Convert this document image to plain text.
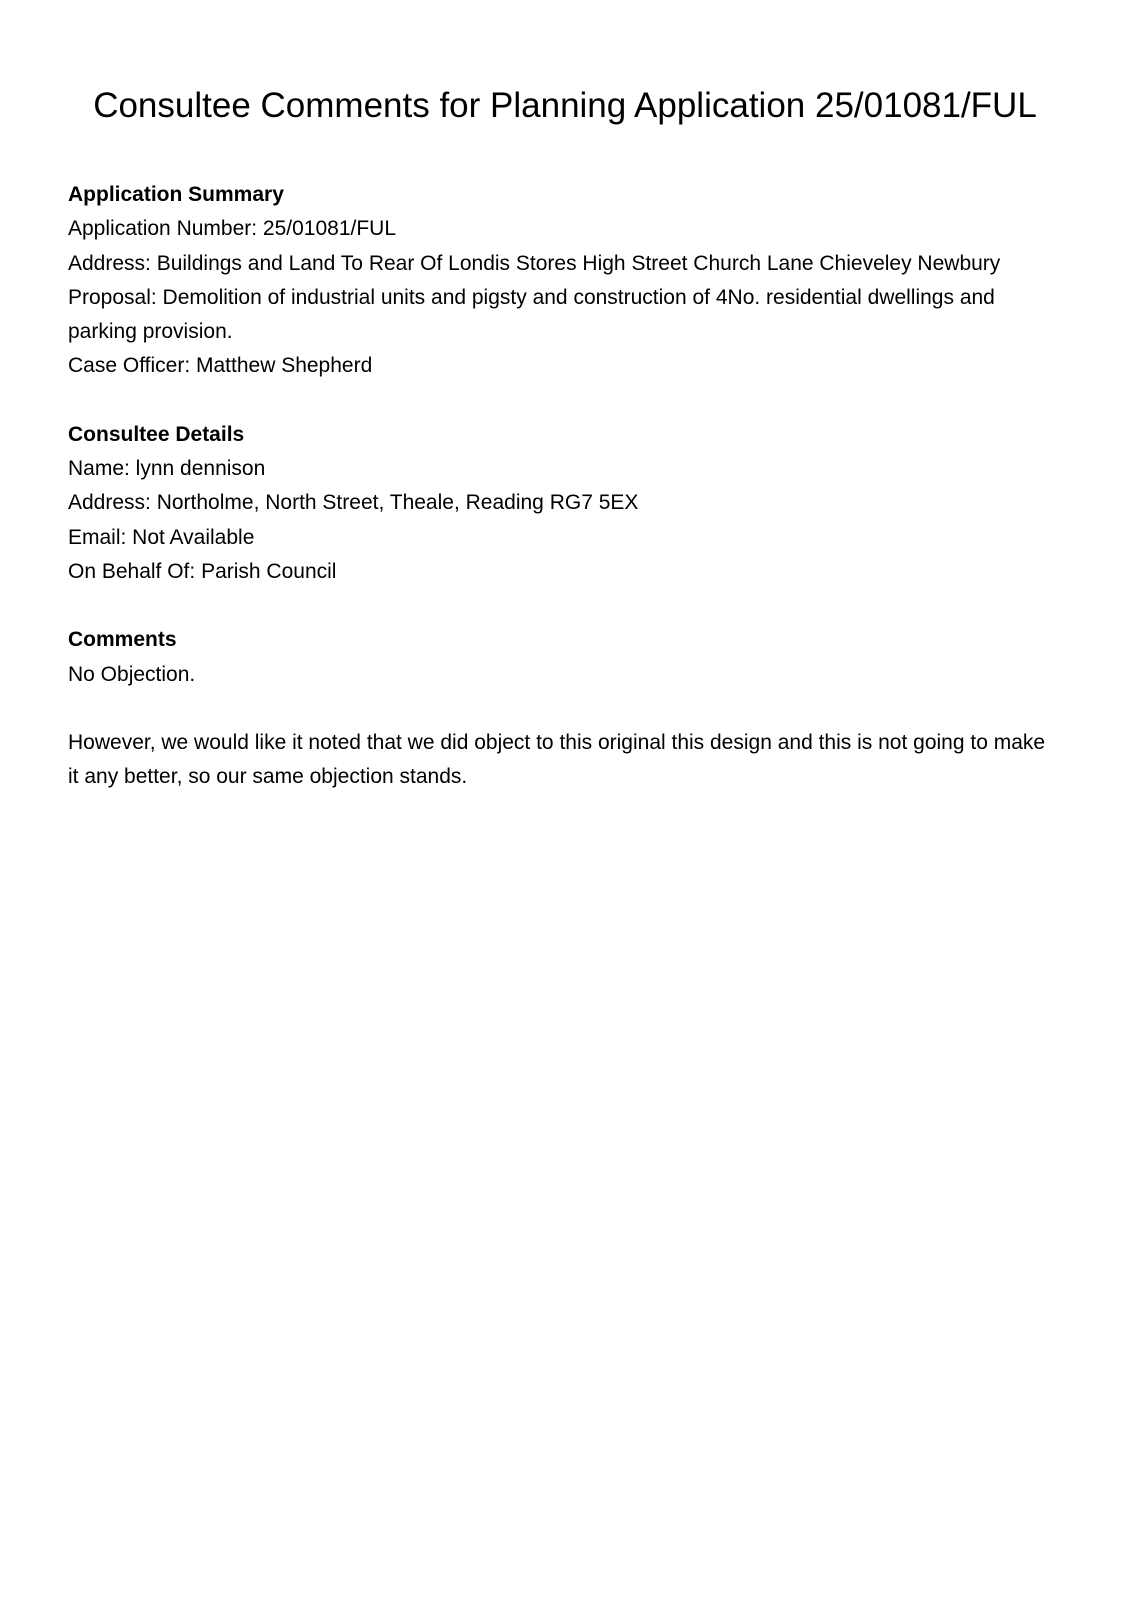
Consultee Comments for Planning Application 25/01081/FUL
Application Summary
Application Number: 25/01081/FUL
Address: Buildings and Land To Rear Of Londis Stores High Street Church Lane Chieveley Newbury
Proposal: Demolition of industrial units and pigsty and construction of 4No. residential dwellings and parking provision.
Case Officer: Matthew Shepherd
Consultee Details
Name: lynn dennison
Address: Northolme, North Street, Theale, Reading RG7 5EX
Email: Not Available
On Behalf Of: Parish Council
Comments
No Objection.
However, we would like it noted that we did object to this original this design and this is not going to make it any better, so our same objection stands.
